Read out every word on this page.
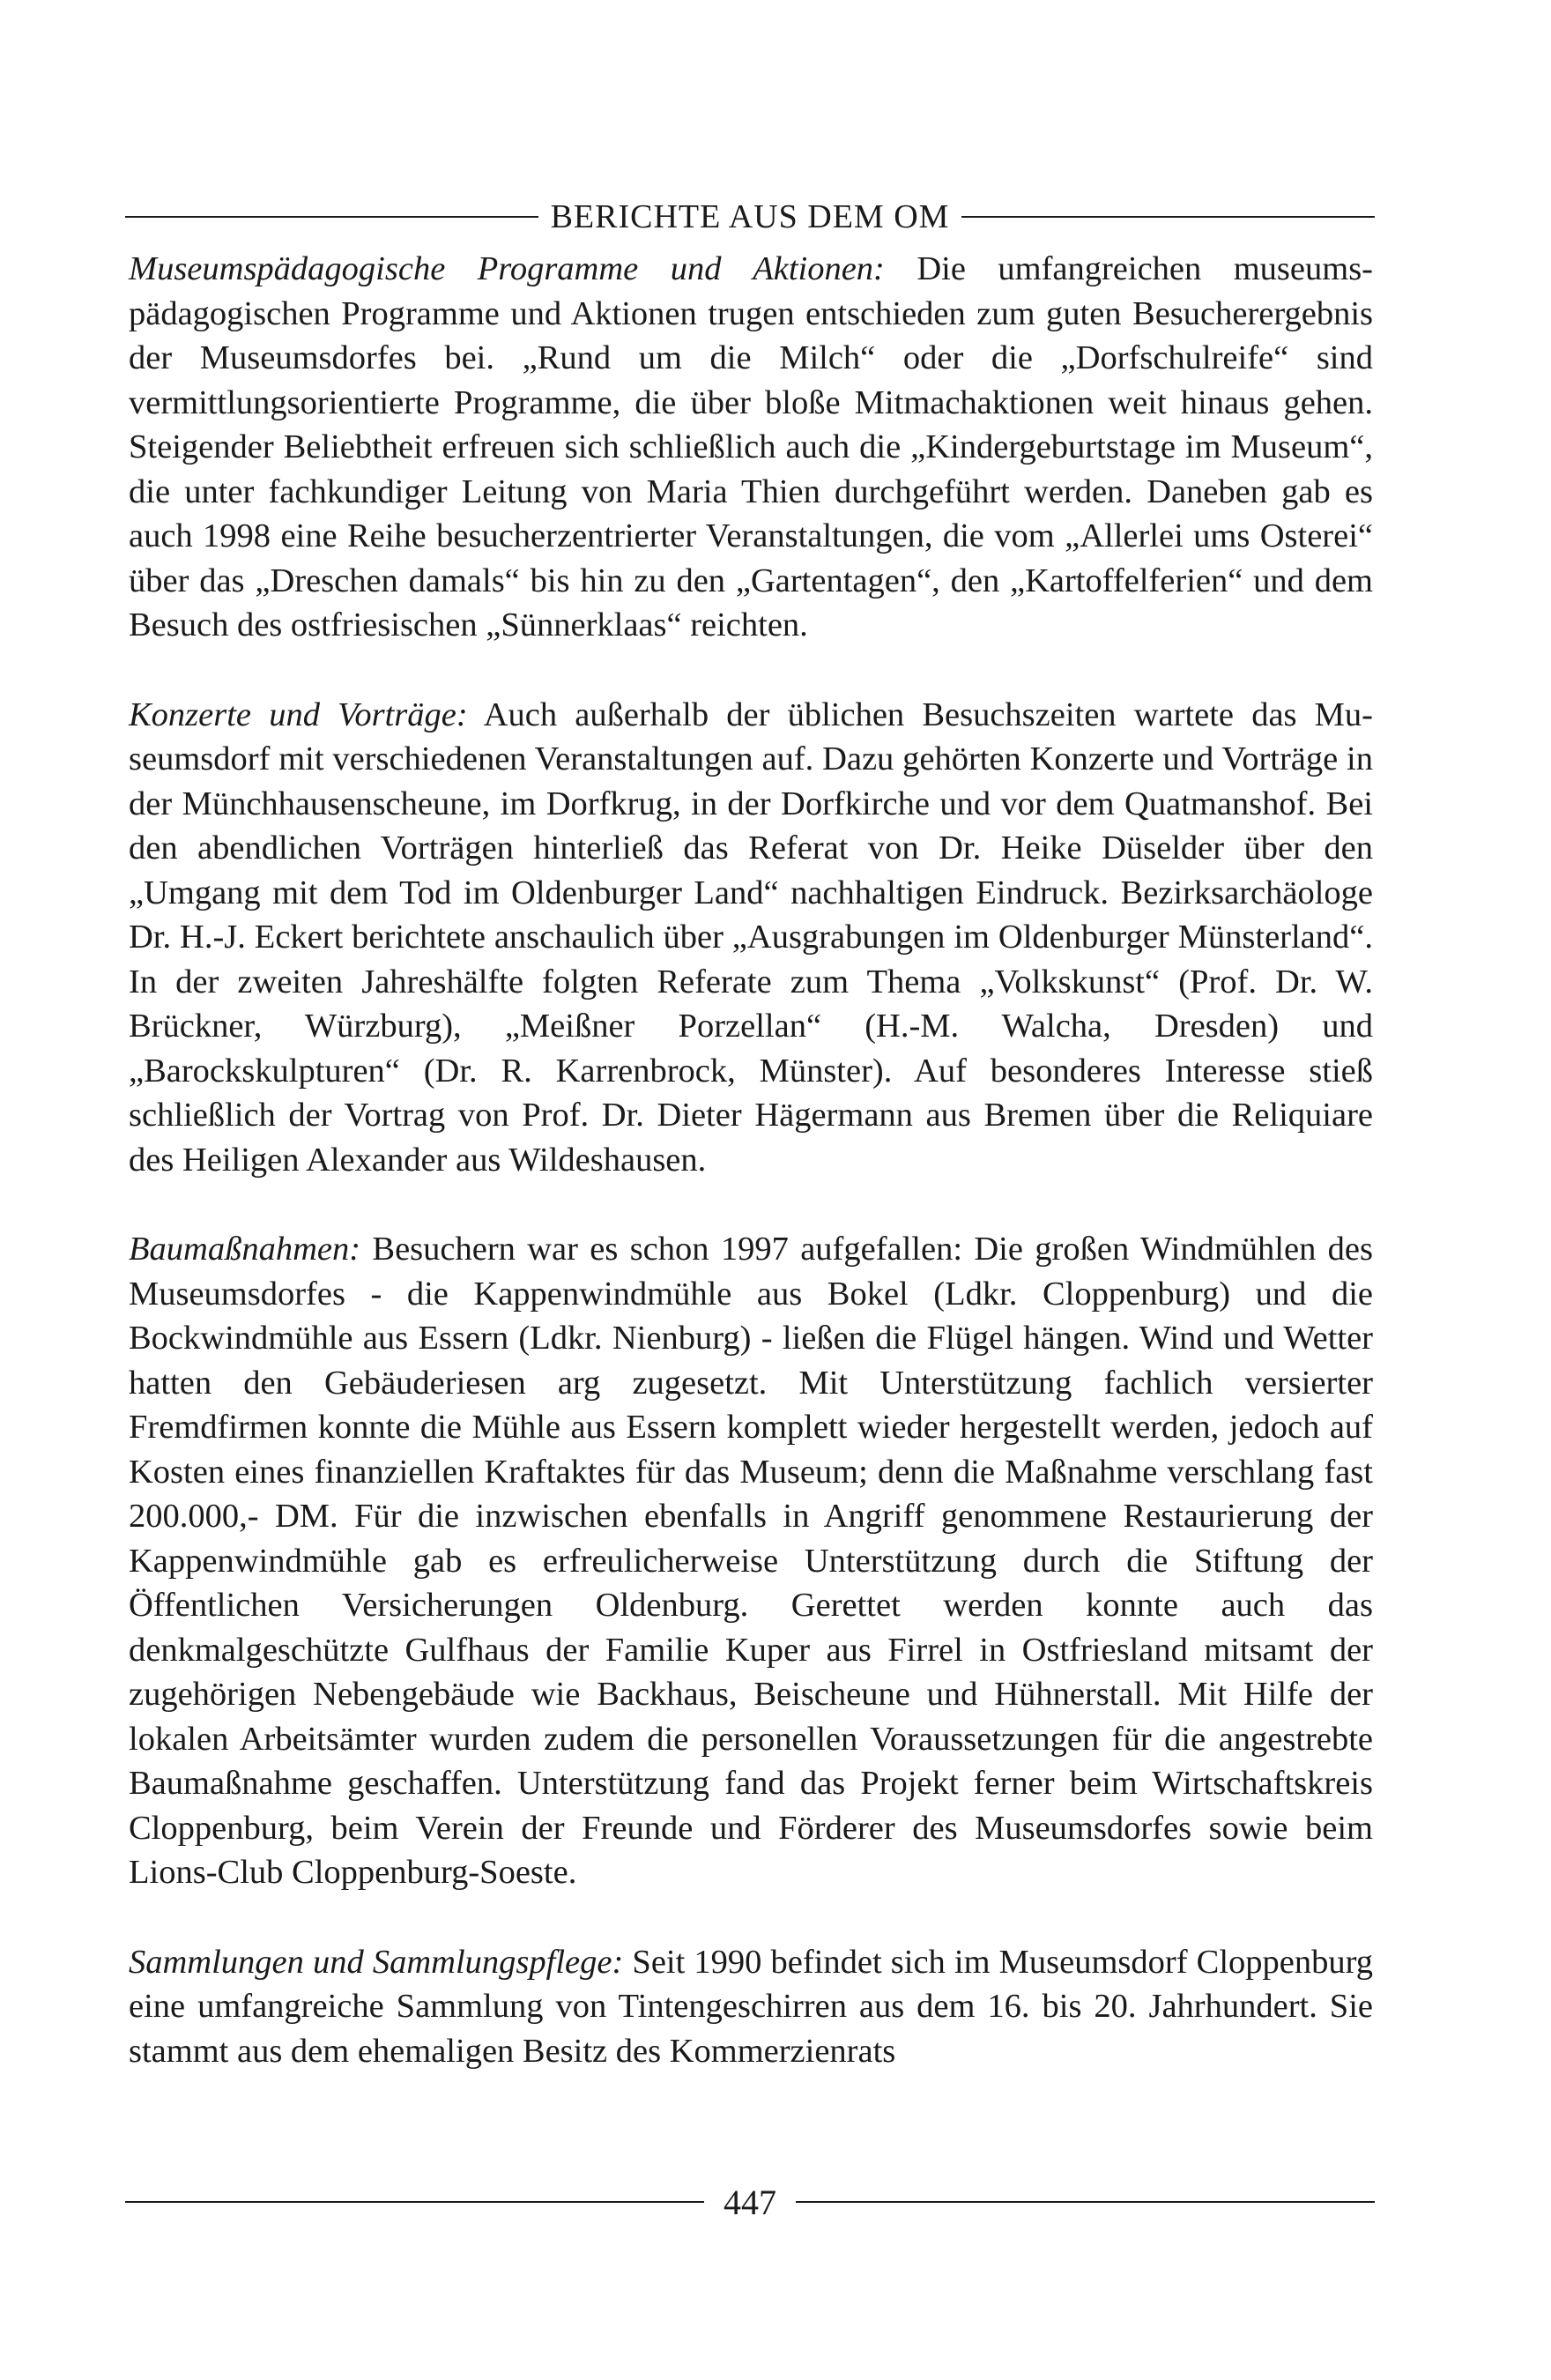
BERICHTE AUS DEM OM

Museumspädagogische Programme und Aktionen: Die umfangreichen museumspädagogischen Programme und Aktionen trugen entschieden zum guten Besucherergebnis der Museumsdorfes bei. „Rund um die Milch“ oder die „Dorfschulreife“ sind vermittlungsorientierte Programme, die über bloße Mitmachaktionen weit hinaus gehen. Steigender Beliebtheit erfreuen sich schließlich auch die „Kindergeburtstage im Museum“, die unter fachkundiger Leitung von Maria Thien durchgeführt werden. Daneben gab es auch 1998 eine Reihe besucherzentrierter Veranstaltungen, die vom „Allerlei ums Osterei“ über das „Dreschen damals“ bis hin zu den „Gartentagen“, den „Kartoffelferien“ und dem Besuch des ostfriesischen „Sünnerklaas“ reichten.

Konzerte und Vorträge: Auch außerhalb der üblichen Besuchszeiten wartete das Museumsdorf mit verschiedenen Veranstaltungen auf. Dazu gehörten Konzerte und Vorträge in der Münchhausenscheune, im Dorfkrug, in der Dorfkirche und vor dem Quatmanshof. Bei den abendlichen Vorträgen hinterließ das Referat von Dr. Heike Düselder über den „Umgang mit dem Tod im Oldenburger Land“ nachhaltigen Eindruck. Bezirksarchäologe Dr. H.-J. Eckert berichtete anschaulich über „Ausgrabungen im Oldenburger Münsterland“. In der zweiten Jahreshälfte folgten Referate zum Thema „Volkskunst“ (Prof. Dr. W. Brückner, Würzburg), „Meißner Porzellan“ (H.-M. Walcha, Dresden) und „Barockskulpturen“ (Dr. R. Karrenbrock, Münster). Auf besonderes Interesse stieß schließlich der Vortrag von Prof. Dr. Dieter Hägermann aus Bremen über die Reliquiare des Heiligen Alexander aus Wildeshausen.

Baumaßnahmen: Besuchern war es schon 1997 aufgefallen: Die großen Windmühlen des Museumsdorfes - die Kappenwindmühle aus Bokel (Ldkr. Cloppenburg) und die Bockwindmühle aus Essern (Ldkr. Nienburg) - ließen die Flügel hängen. Wind und Wetter hatten den Gebäuderiesen arg zugesetzt. Mit Unterstützung fachlich versierter Fremdfirmen konnte die Mühle aus Essern komplett wieder hergestellt werden, jedoch auf Kosten eines finanziellen Kraftaktes für das Museum; denn die Maßnahme verschlang fast 200.000,- DM. Für die inzwischen ebenfalls in Angriff genommene Restaurierung der Kappenwindmühle gab es erfreulicherweise Unterstützung durch die Stiftung der Öffentlichen Versicherungen Oldenburg. Gerettet werden konnte auch das denkmalgeschützte Gulfhaus der Familie Kuper aus Firrel in Ostfriesland mitsamt der zugehörigen Nebengebäude wie Backhaus, Beischeune und Hühnerstall. Mit Hilfe der lokalen Arbeitsämter wurden zudem die personellen Voraussetzungen für die angestrebte Baumaßnahme geschaffen. Unterstützung fand das Projekt ferner beim Wirtschaftskreis Cloppenburg, beim Verein der Freunde und Förderer des Museumsdorfes sowie beim Lions-Club Cloppenburg-Soeste.

Sammlungen und Sammlungspflege: Seit 1990 befindet sich im Museumsdorf Cloppenburg eine umfangreiche Sammlung von Tintengeschirren aus dem 16. bis 20. Jahrhundert. Sie stammt aus dem ehemaligen Besitz des Kommerzienrats

447
